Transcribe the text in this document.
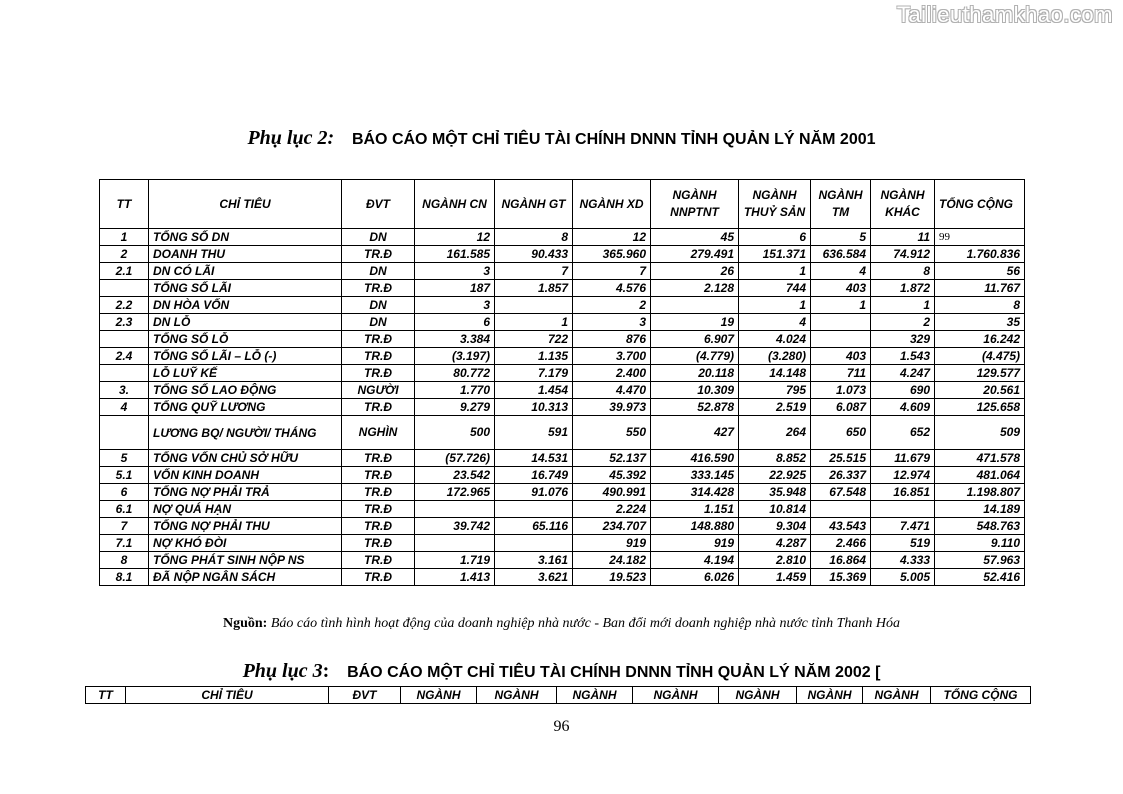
Tailieuthamkhao.com
Phụ lục 2: BÁO CÁO MỘT CHỈ TIÊU TÀI CHÍNH DNNN TỈNH QUẢN LÝ NĂM 2001
TT	CHỈ TIÊU	ĐVT	NGÀNH CN	NGÀNH GT	NGÀNH XD	NGÀNH NNPTNT	NGÀNH THUỶ SẢN	NGÀNH TM	NGÀNH KHÁC	TỔNG CỘNG
1	TỔNG SỐ DN	DN	12	8	12	45	6	5	11	99
2	DOANH THU	TR.Đ	161.585	90.433	365.960	279.491	151.371	636.584	74.912	1.760.836
2.1	DN CÓ LÃI	DN	3	7	7	26	1	4	8	56
	TỔNG SỐ LÃI	TR.Đ	187	1.857	4.576	2.128	744	403	1.872	11.767
2.2	DN HÒA VỐN	DN	3		2		1	1	1	8
2.3	DN LỖ	DN	6	1	3	19	4		2	35
	TỔNG SỐ LỖ	TR.Đ	3.384	722	876	6.907	4.024		329	16.242
2.4	TỔNG SỐ LÃI – LỖ (-)	TR.Đ	(3.197)	1.135	3.700	(4.779)	(3.280)	403	1.543	(4.475)
	LỖ LUỸ KẾ	TR.Đ	80.772	7.179	2.400	20.118	14.148	711	4.247	129.577
3.	TỔNG SỐ LAO ĐỘNG	NGƯỜI	1.770	1.454	4.470	10.309	795	1.073	690	20.561
4	TỔNG QUỸ LƯƠNG	TR.Đ	9.279	10.313	39.973	52.878	2.519	6.087	4.609	125.658
	LƯƠNG BQ/ NGƯỜI/ THÁNG	NGHÌN	500	591	550	427	264	650	652	509
5	TỔNG VỐN CHỦ SỞ HỮU	TR.Đ	(57.726)	14.531	52.137	416.590	8.852	25.515	11.679	471.578
5.1	VỐN KINH DOANH	TR.Đ	23.542	16.749	45.392	333.145	22.925	26.337	12.974	481.064
6	TỔNG NỢ PHẢI TRẢ	TR.Đ	172.965	91.076	490.991	314.428	35.948	67.548	16.851	1.198.807
6.1	NỢ QUÁ HẠN	TR.Đ			2.224	1.151	10.814			14.189
7	TỔNG NỢ PHẢI THU	TR.Đ	39.742	65.116	234.707	148.880	9.304	43.543	7.471	548.763
7.1	NỢ KHÓ ĐÒI	TR.Đ			919	919	4.287	2.466	519	9.110
8	TỔNG PHÁT SINH NỘP NS	TR.Đ	1.719	3.161	24.182	4.194	2.810	16.864	4.333	57.963
8.1	ĐÃ NỘP NGÂN SÁCH	TR.Đ	1.413	3.621	19.523	6.026	1.459	15.369	5.005	52.416
Nguồn: Báo cáo tình hình hoạt động của doanh nghiệp nhà nước - Ban đổi mới doanh nghiệp nhà nước tỉnh Thanh Hóa
Phụ lục 3: BÁO CÁO MỘT CHỈ TIÊU TÀI CHÍNH DNNN TỈNH QUẢN LÝ NĂM 2002 [
TT	CHỈ TIÊU	ĐVT	NGÀNH	NGÀNH	NGÀNH	NGÀNH	NGÀNH	NGÀNH	NGÀNH	TỔNG CỘNG
96
